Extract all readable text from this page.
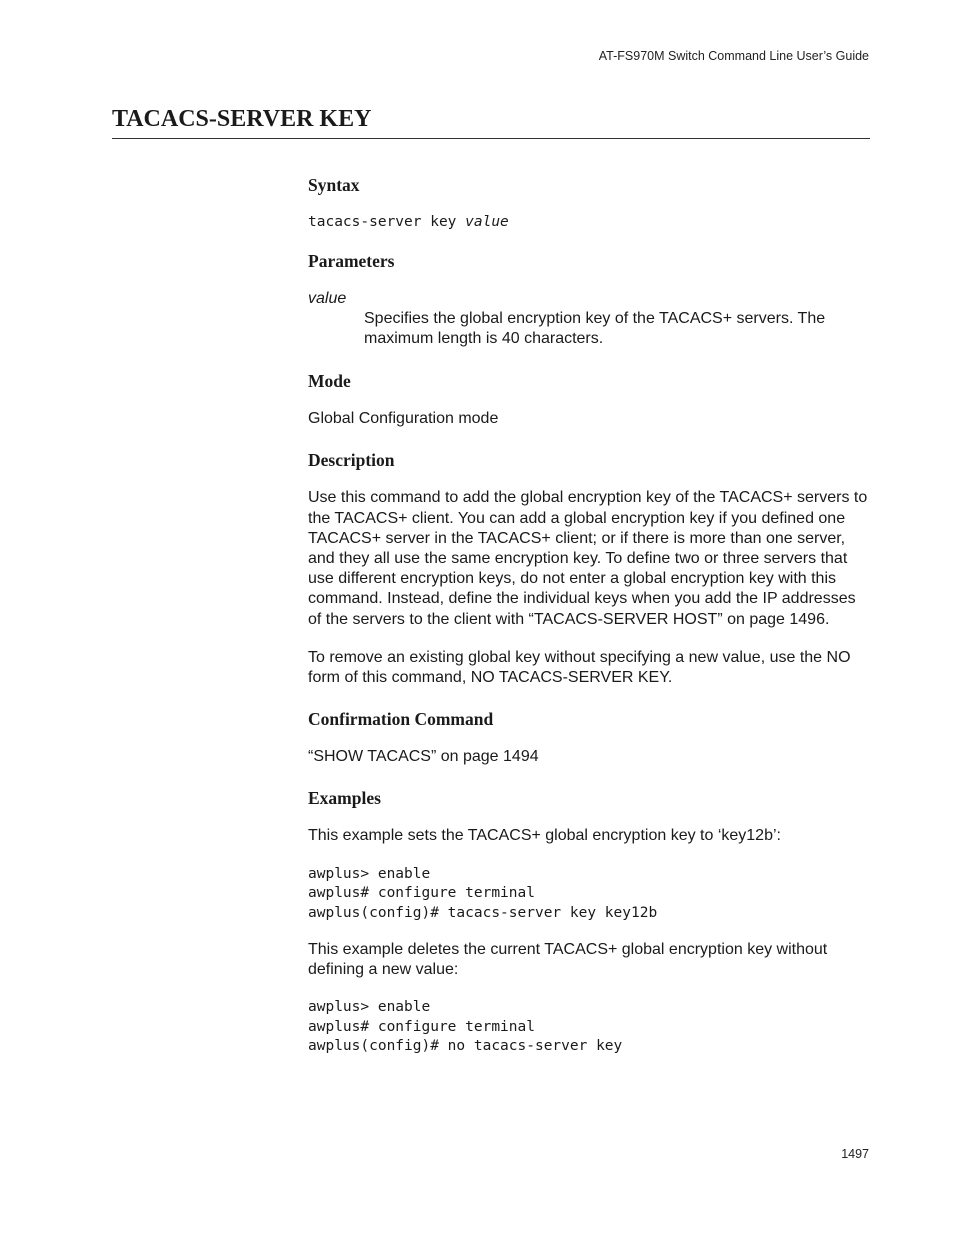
AT-FS970M Switch Command Line User’s Guide
TACACS-SERVER KEY
Syntax
tacacs-server key value
Parameters
value
Specifies the global encryption key of the TACACS+ servers. The maximum length is 40 characters.
Mode
Global Configuration mode
Description
Use this command to add the global encryption key of the TACACS+ servers to the TACACS+ client. You can add a global encryption key if you defined one TACACS+ server in the TACACS+ client; or if there is more than one server, and they all use the same encryption key. To define two or three servers that use different encryption keys, do not enter a global encryption key with this command. Instead, define the individual keys when you add the IP addresses of the servers to the client with “TACACS-SERVER HOST” on page 1496.
To remove an existing global key without specifying a new value, use the NO form of this command, NO TACACS-SERVER KEY.
Confirmation Command
“SHOW TACACS” on page 1494
Examples
This example sets the TACACS+ global encryption key to ‘key12b’:
awplus> enable
awplus# configure terminal
awplus(config)# tacacs-server key key12b
This example deletes the current TACACS+ global encryption key without defining a new value:
awplus> enable
awplus# configure terminal
awplus(config)# no tacacs-server key
1497
